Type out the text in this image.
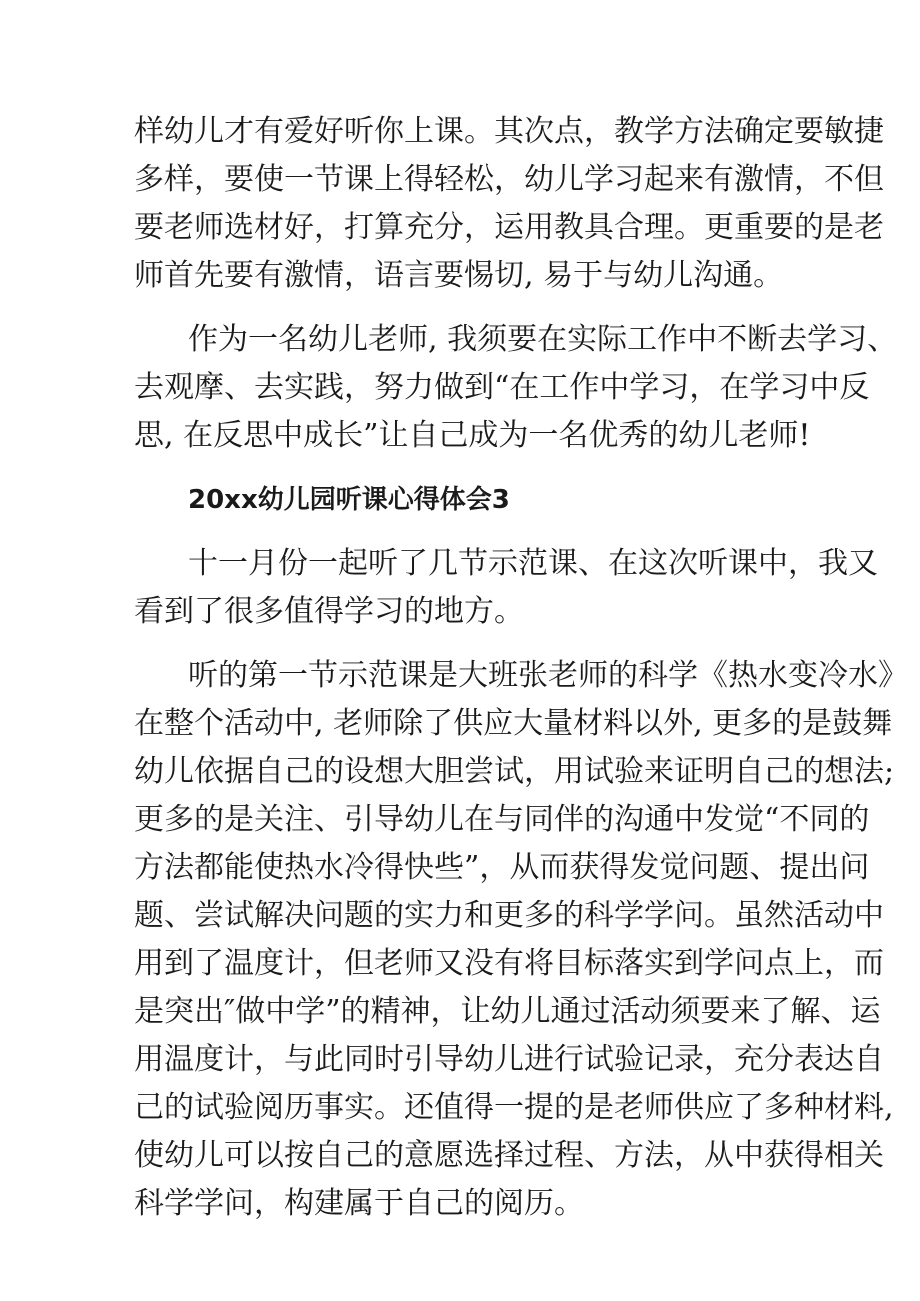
样幼儿才有爱好听你上课。其次点，教学方法确定要敏捷
多样，要使一节课上得轻松，幼儿学习起来有激情，不但
要老师选材好，打算充分，运用教具合理。更重要的是老
师首先要有激情，语言要惕切, 易于与幼儿沟通。
作为一名幼儿老师, 我须要在实际工作中不断去学习、
去观摩、去实践，努力做到“在工作中学习，在学习中反
思, 在反思中成长”让自己成为一名优秀的幼儿老师!
20xx幼儿园听课心得体会3
十一月份一起听了几节示范课、在这次听课中，我又
看到了很多值得学习的地方。
听的第一节示范课是大班张老师的科学《热水变冷水》
在整个活动中, 老师除了供应大量材料以外, 更多的是鼓舞
幼儿依据自己的设想大胆尝试，用试验来证明自己的想法;
更多的是关注、引导幼儿在与同伴的沟通中发觉“不同的
方法都能使热水冷得快些”，从而获得发觉问题、提出问
题、尝试解决问题的实力和更多的科学学问。虽然活动中
用到了温度计，但老师又没有将目标落实到学问点上，而
是突出″做中学”的精神，让幼儿通过活动须要来了解、运
用温度计，与此同时引导幼儿进行试验记录，充分表达自
己的试验阅历事实。还值得一提的是老师供应了多种材料,
使幼儿可以按自己的意愿选择过程、方法，从中获得相关
科学学问，构建属于自己的阅历。
